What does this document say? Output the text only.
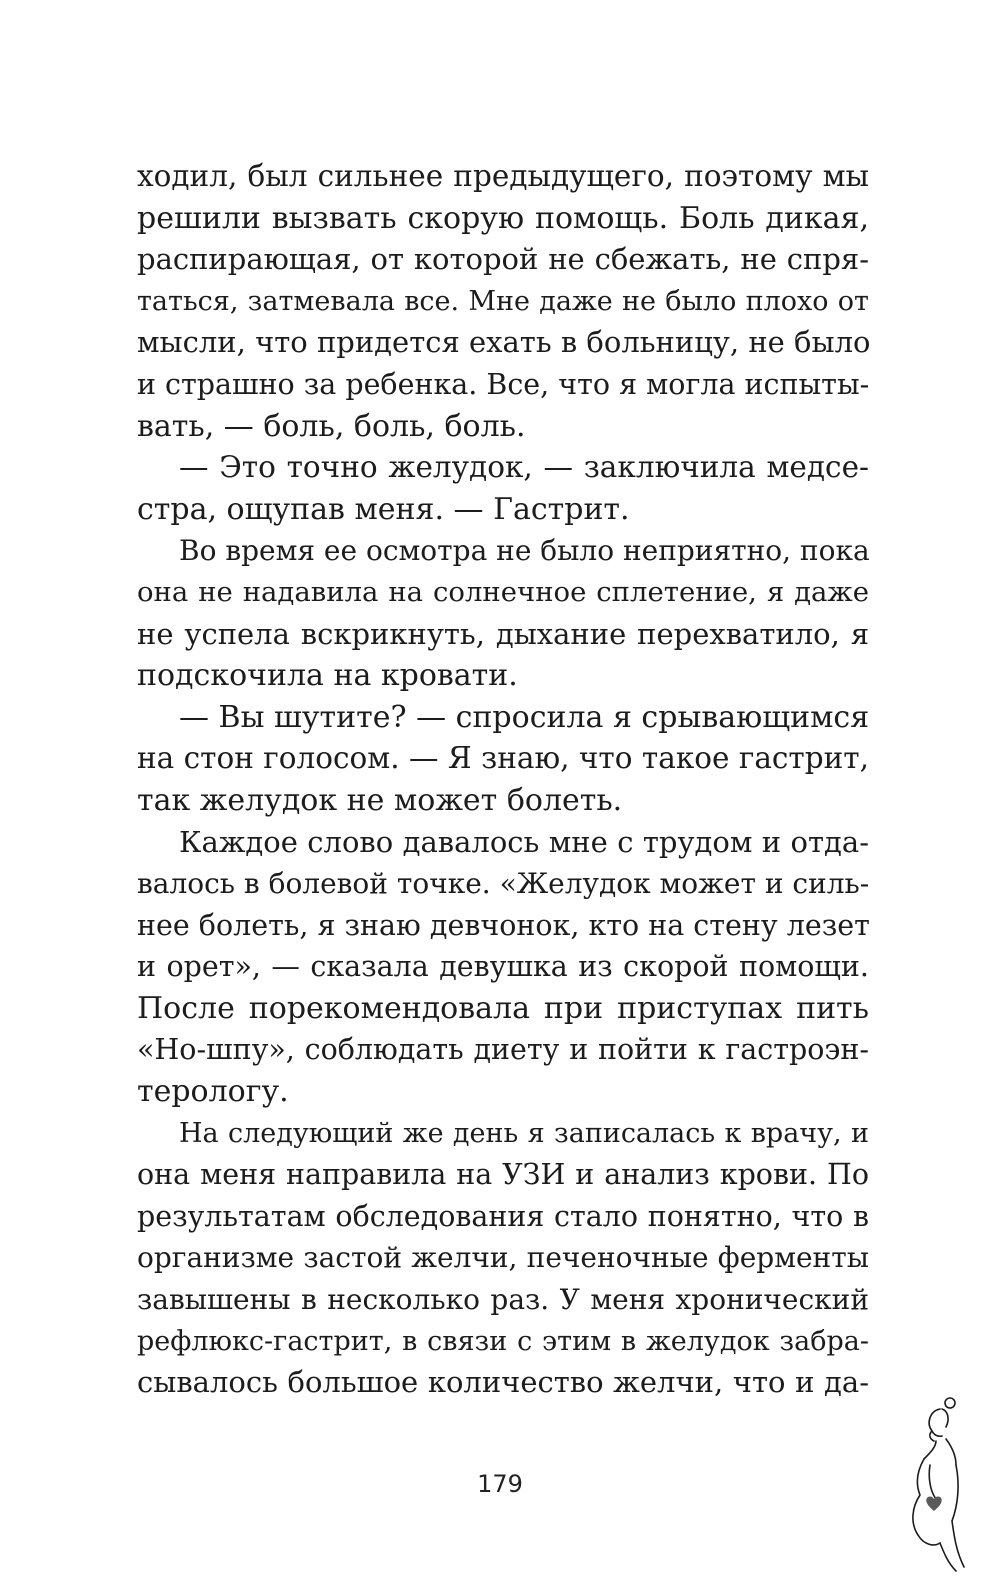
ходил, был сильнее предыдущего, поэтому мы
решили вызвать скорую помощь. Боль дикая,
распирающая, от которой не сбежать, не спря-
таться, затмевала все. Мне даже не было плохо от
мысли, что придется ехать в больницу, не было
и страшно за ребенка. Все, что я могла испыты-
вать, — боль, боль, боль.
— Это точно желудок, — заключила медсе-
стра, ощупав меня. — Гастрит.
Во время ее осмотра не было неприятно, пока
она не надавила на солнечное сплетение, я даже
не успела вскрикнуть, дыхание перехватило, я
подскочила на кровати.
— Вы шутите? — спросила я срывающимся
на стон голосом. — Я знаю, что такое гастрит,
так желудок не может болеть.
Каждое слово давалось мне с трудом и отда-
валось в болевой точке. «Желудок может и силь-
нее болеть, я знаю девчонок, кто на стену лезет
и орет», — сказала девушка из скорой помощи.
После порекомендовала при приступах пить
«Но-шпу», соблюдать диету и пойти к гастроэн-
терологу.
На следующий же день я записалась к врачу, и
она меня направила на УЗИ и анализ крови. По
результатам обследования стало понятно, что в
организме застой желчи, печеночные ферменты
завышены в несколько раз. У меня хронический
рефлюкс-гастрит, в связи с этим в желудок забра-
сывалось большое количество желчи, что и да-
179
